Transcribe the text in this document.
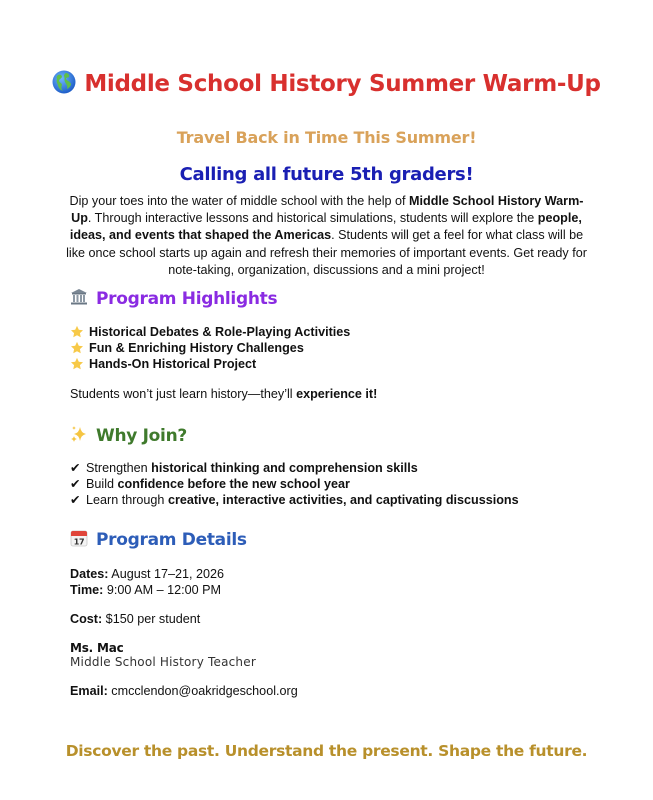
Middle School History Summer Warm-Up
Travel Back in Time This Summer!
Calling all future 5th graders!
Dip your toes into the water of middle school with the help of Middle School History Warm-Up. Through interactive lessons and historical simulations, students will explore the people, ideas, and events that shaped the Americas. Students will get a feel for what class will be like once school starts up again and refresh their memories of important events. Get ready for note-taking, organization, discussions and a mini project!
Program Highlights
Historical Debates & Role-Playing Activities
Fun & Enriching History Challenges
Hands-On Historical Project
Students won’t just learn history—they’ll experience it!
Why Join?
✔ Strengthen
historical thinking and comprehension skills
✔ Build
confidence before the new school year
✔ Learn through
creative, interactive activities, and captivating discussions
17 Program Details
Dates: August 17–21, 2026
Time: 9:00 AM – 12:00 PM
Cost: $150 per student
Ms. Mac
Middle School History Teacher
Email: cmcclendon@oakridgeschool.org
Discover the past. Understand the present. Shape the future.
